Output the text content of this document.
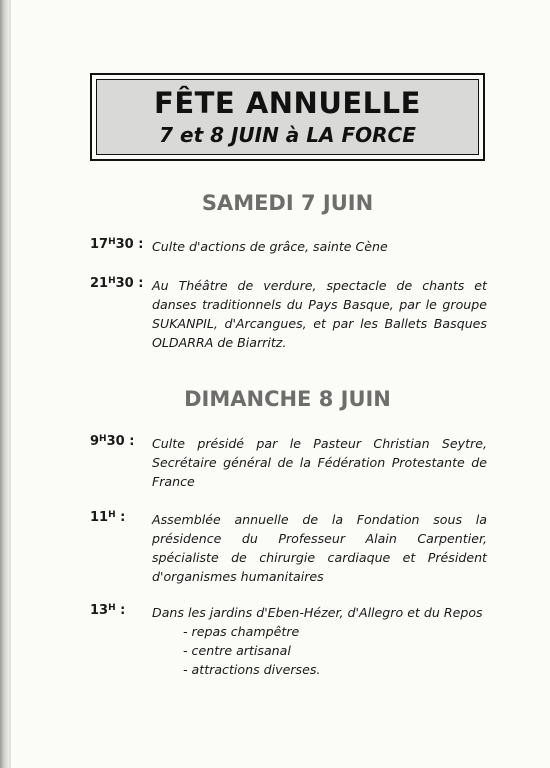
FÊTE ANNUELLE
7 et 8 JUIN à LA FORCE
SAMEDI 7 JUIN
$17^H30$ : Culte d'actions de grâce, sainte Cène
$21^H30$ : Au Théâtre de verdure, spectacle de chants et danses traditionnels du Pays Basque, par le groupe SUKANPIL, d'Arcangues, et par les Ballets Basques OLDARRA de Biarritz.
DIMANCHE 8 JUIN
$9^H30$ : Culte présidé par le Pasteur Christian Seytre, Secrétaire général de la Fédération Protestante de France
$11^H$ : Assemblée annuelle de la Fondation sous la présidence du Professeur Alain Carpentier, spécialiste de chirurgie cardiaque et Président d'organismes humanitaires
$13^H$ : Dans les jardins d'Eben-Hézer, d'Allegro et du Repos
- repas champêtre
- centre artisanal
- attractions diverses.
